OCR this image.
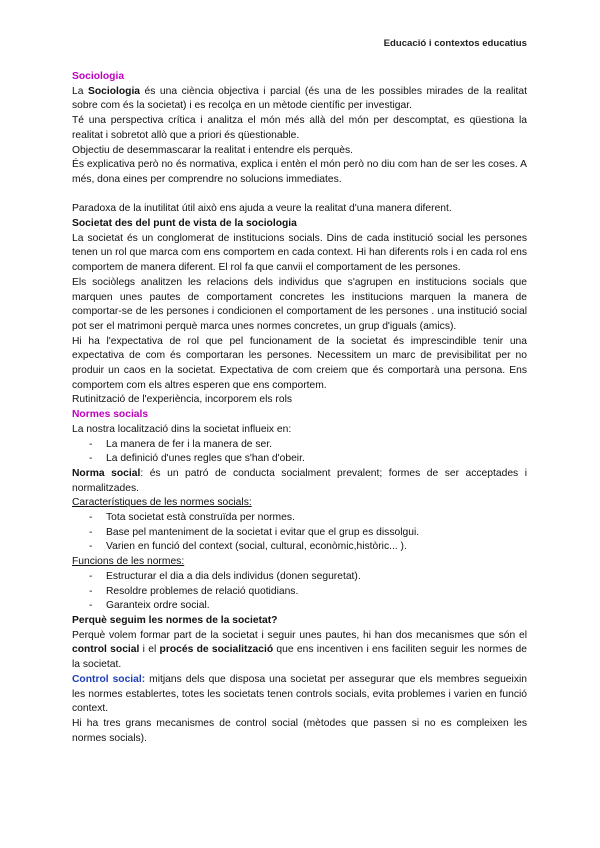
Educació i contextos educatius

Sociologia

La Sociologia és una ciència objectiva i parcial (és una de les possibles mirades de la realitat sobre com és la societat) i es recolça en un mètode científic per investigar.

Té una perspectiva crítica i analitza el món més allà del món per descomptat, es qüestiona la realitat i sobretot allò que a priori és qüestionable.

Objectiu de desemmascarar la realitat i entendre els perquès.

És explicativa però no és normativa, explica i entèn el món però no diu com han de ser les coses. A més, dona eines per comprendre no solucions immediates.

Paradoxa de la inutilitat útil això ens ajuda a veure la realitat d'una manera diferent.

Societat des del punt de vista de la sociologia

La societat és un conglomerat de institucions socials. Dins de cada institució social les persones tenen un rol que marca com ens comportem en cada context. Hi han diferents rols i en cada rol ens comportem de manera diferent. El rol fa que canvii el comportament de les persones.

Els sociòlegs analitzen les relacions dels individus que s'agrupen en institucions socials que marquen unes pautes de comportament concretes les institucions marquen la manera de comportar-se de les persones i condicionen el comportament de les persones . una institució social pot ser el matrimoni perquè marca unes normes concretes, un grup d'iguals (amics).

Hi ha l'expectativa de rol que pel funcionament de la societat és imprescindible tenir una expectativa de com és comportaran les persones. Necessitem un marc de previsibilitat per no produir un caos en la societat. Expectativa de com creiem que és comportarà una persona. Ens comportem com els altres esperen que ens comportem.

Rutinització de l'experiència, incorporem els rols

Normes socials

La nostra localització dins la societat influeix en:

- La manera de fer i la manera de ser.
- La definició d'unes regles que s'han d'obeir.

Norma social: és un patró de conducta socialment prevalent; formes de ser acceptades i normalitzades.

Característiques de les normes socials:

- Tota societat està construïda per normes.
- Base pel manteniment de la societat i evitar que el grup es dissolgui.
- Varien en funció del context (social, cultural, econòmic,històric... ).

Funcions de les normes:

- Estructurar el dia a dia dels individus (donen seguretat).
- Resoldre problemes de relació quotidians.
- Garanteix ordre social.

Perquè seguim les normes de la societat?

Perquè volem formar part de la societat i seguir unes pautes, hi han dos mecanismes que són el control social i el procés de socialització que ens incentiven i ens faciliten seguir les normes de la societat.

Control social: mitjans dels que disposa una societat per assegurar que els membres segueixin les normes establertes, totes les societats tenen controls socials, evita problemes i varien en funció context.

Hi ha tres grans mecanismes de control social (mètodes que passen si no es compleixen les normes socials).
